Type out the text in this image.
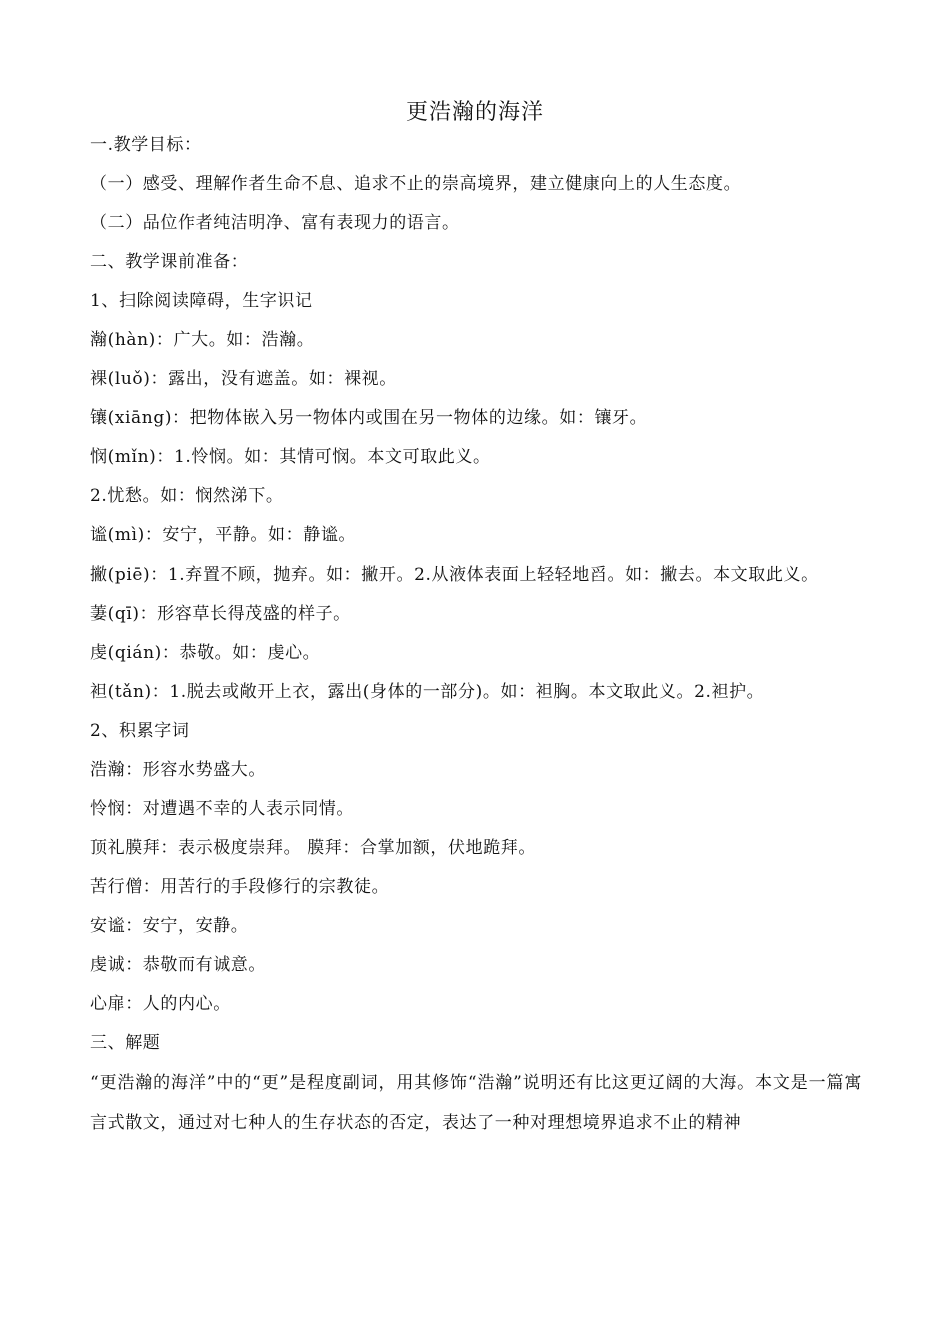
更浩瀚的海洋

一.教学目标：

（一）感受、理解作者生命不息、追求不止的崇高境界，建立健康向上的人生态度。

（二）品位作者纯洁明净、富有表现力的语言。

二、教学课前准备：

1、扫除阅读障碍，生字识记

瀚(hàn)：广大。如：浩瀚。

裸(luǒ)：露出，没有遮盖。如：裸视。

镶(xiāng)：把物体嵌入另一物体内或围在另一物体的边缘。如：镶牙。

悯(mǐn)：1.怜悯。如：其情可悯。本文可取此义。

2.忧愁。如：悯然涕下。

谧(mì)：安宁，平静。如：静谧。

撇(piē)：1.弃置不顾，抛弃。如：撇开。2.从液体表面上轻轻地舀。如：撇去。本文取此义。

萋(qī)：形容草长得茂盛的样子。

虔(qián)：恭敬。如：虔心。

袒(tǎn)：1.脱去或敞开上衣，露出(身体的一部分)。如：袒胸。本文取此义。2.袒护。

2、积累字词

浩瀚：形容水势盛大。

怜悯：对遭遇不幸的人表示同情。

顶礼膜拜：表示极度崇拜。 膜拜：合掌加额，伏地跪拜。

苦行僧：用苦行的手段修行的宗教徒。

安谧：安宁，安静。

虔诚：恭敬而有诚意。

心扉：人的内心。

三、解题

“更浩瀚的海洋”中的“更”是程度副词，用其修饰“浩瀚”说明还有比这更辽阔的大海。本文是一篇寓言式散文，通过对七种人的生存状态的否定，表达了一种对理想境界追求不止的精神
